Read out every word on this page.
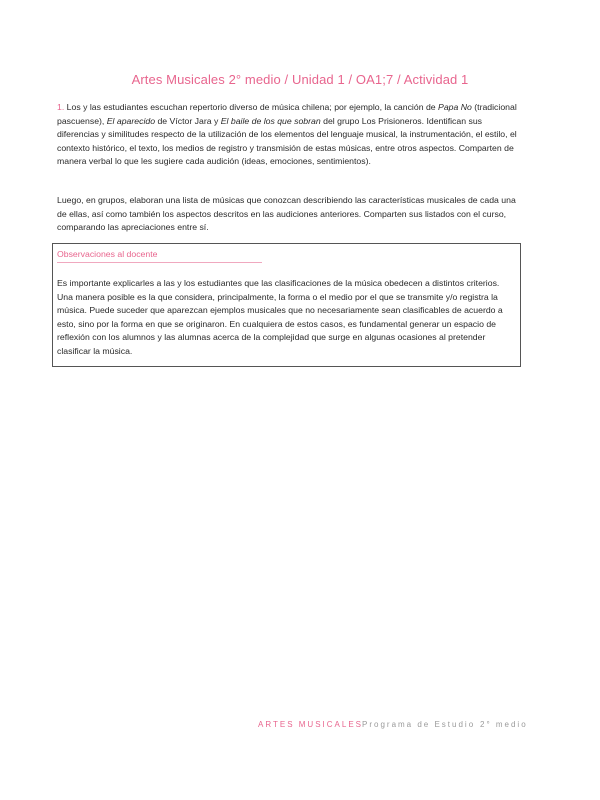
Artes Musicales 2° medio / Unidad 1 / OA1;7 / Actividad 1

1. Los y las estudiantes escuchan repertorio diverso de música chilena; por ejemplo, la canción de Papa No (tradicional pascuense), El aparecido de Víctor Jara y El baile de los que sobran del grupo Los Prisioneros. Identifican sus diferencias y similitudes respecto de la utilización de los elementos del lenguaje musical, la instrumentación, el estilo, el contexto histórico, el texto, los medios de registro y transmisión de estas músicas, entre otros aspectos. Comparten de manera verbal lo que les sugiere cada audición (ideas, emociones, sentimientos).

Luego, en grupos, elaboran una lista de músicas que conozcan describiendo las características musicales de cada una de ellas, así como también los aspectos descritos en las audiciones anteriores. Comparten sus listados con el curso, comparando las apreciaciones entre sí.

Observaciones al docente

Es importante explicarles a las y los estudiantes que las clasificaciones de la música obedecen a distintos criterios. Una manera posible es la que considera, principalmente, la forma o el medio por el que se transmite y/o registra la música. Puede suceder que aparezcan ejemplos musicales que no necesariamente sean clasificables de acuerdo a esto, sino por la forma en que se originaron. En cualquiera de estos casos, es fundamental generar un espacio de reflexión con los alumnos y las alumnas acerca de la complejidad que surge en algunas ocasiones al pretender clasificar la música.

ARTES MUSICALES Programa de Estudio 2° medio
